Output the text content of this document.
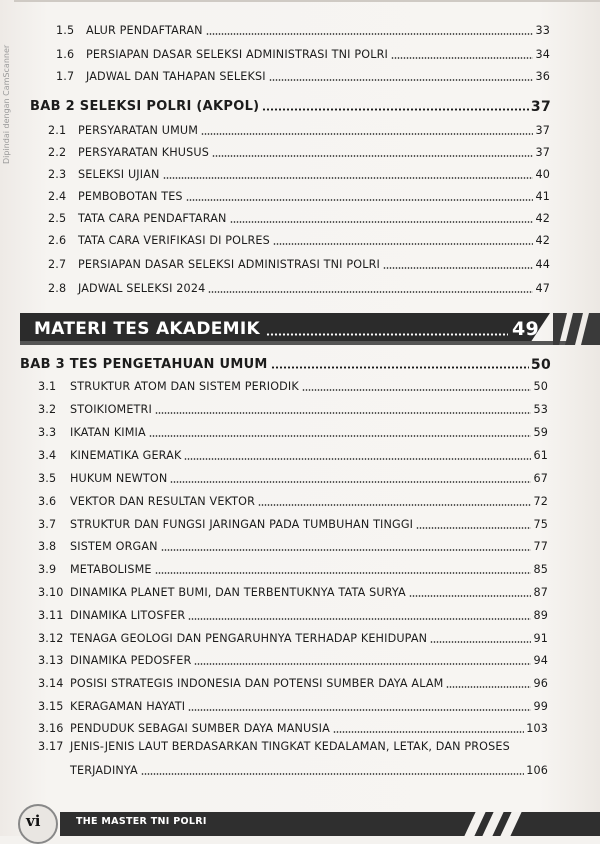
Dipindai dengan CamScanner
1.5	ALUR PENDAFTARAN	33
1.6	PERSIAPAN DASAR SELEKSI ADMINISTRASI TNI POLRI	34
1.7	JADWAL DAN TAHAPAN SELEKSI	36
BAB 2 SELEKSI POLRI (AKPOL)	37
2.1	PERSYARATAN UMUM	37
2.2	PERSYARATAN KHUSUS	37
2.3	SELEKSI UJIAN	40
2.4	PEMBOBOTAN TES	41
2.5	TATA CARA PENDAFTARAN	42
2.6	TATA CARA VERIFIKASI DI POLRES	42
2.7	PERSIAPAN DASAR SELEKSI ADMINISTRASI TNI POLRI	44
2.8	JADWAL SELEKSI 2024	47
MATERI TES AKADEMIK	49
BAB 3 TES PENGETAHUAN UMUM	50
3.1	STRUKTUR ATOM DAN SISTEM PERIODIK	50
3.2	STOIKIOMETRI	53
3.3	IKATAN KIMIA	59
3.4	KINEMATIKA GERAK	61
3.5	HUKUM NEWTON	67
3.6	VEKTOR DAN RESULTAN VEKTOR	72
3.7	STRUKTUR DAN FUNGSI JARINGAN PADA TUMBUHAN TINGGI	75
3.8	SISTEM ORGAN	77
3.9	METABOLISME	85
3.10 DINAMIKA PLANET BUMI, DAN TERBENTUKNYA TATA SURYA	87
3.11 DINAMIKA LITOSFER	89
3.12 TENAGA GEOLOGI DAN PENGARUHNYA TERHADAP KEHIDUPAN	91
3.13 DINAMIKA PEDOSFER	94
3.14 POSISI STRATEGIS INDONESIA DAN POTENSI SUMBER DAYA ALAM	96
3.15 KERAGAMAN HAYATI	99
3.16 PENDUDUK SEBAGAI SUMBER DAYA MANUSIA	103
3.17 JENIS-JENIS LAUT BERDASARKAN TINGKAT KEDALAMAN, LETAK, DAN PROSES
TERJADINYA	106
vi	THE MASTER TNI POLRI
